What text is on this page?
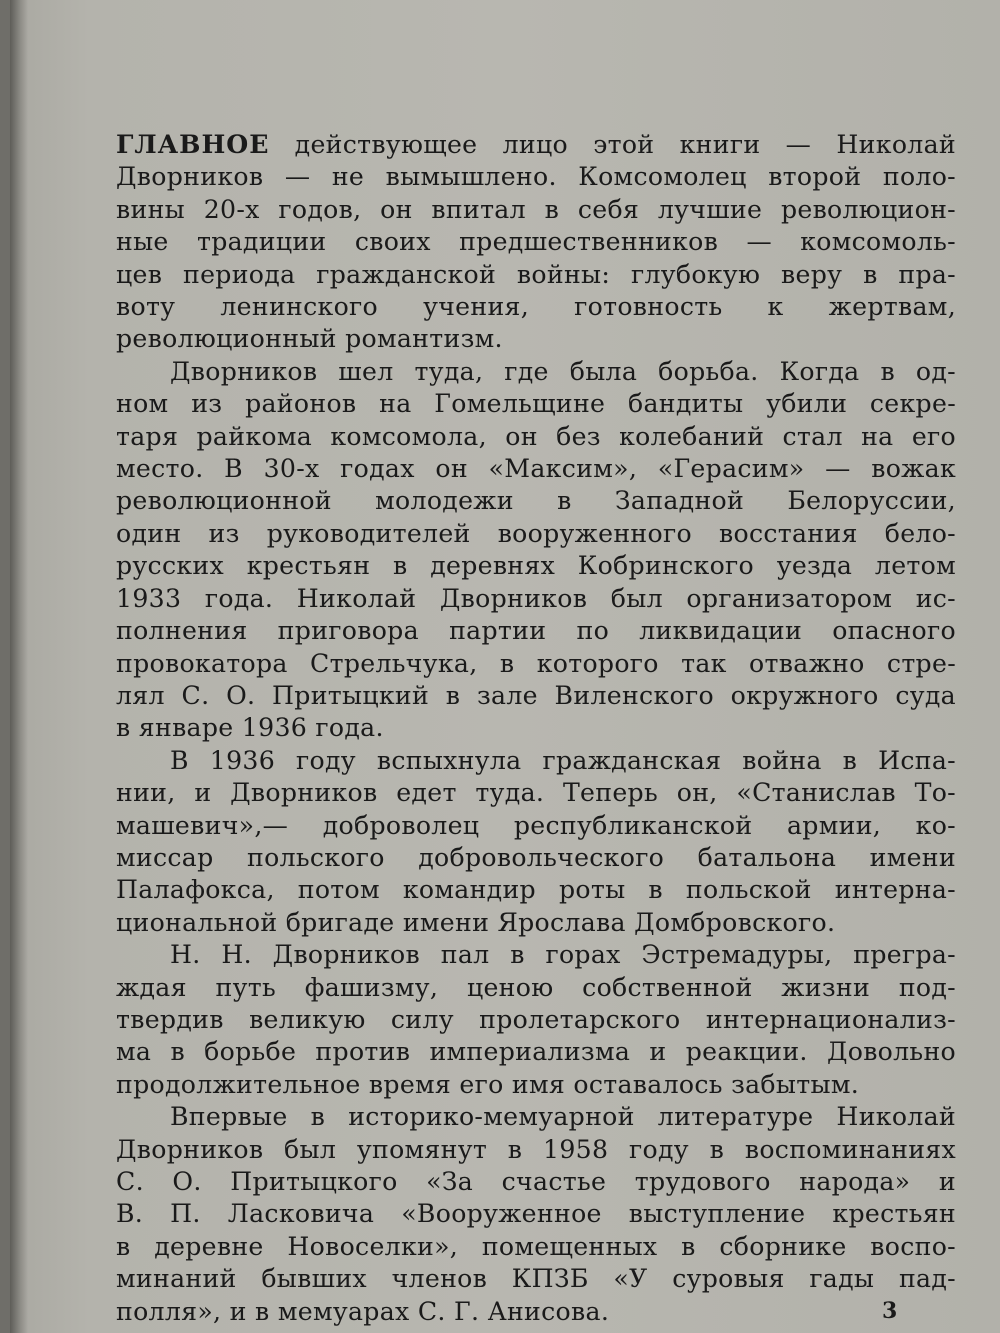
ГЛАВНОЕ действующее лицо этой книги — Николай
Дворников — не вымышлено. Комсомолец второй поло-
вины 20-х годов, он впитал в себя лучшие революцион-
ные традиции своих предшественников — комсомоль-
цев периода гражданской войны: глубокую веру в пра-
воту ленинского учения, готовность к жертвам,
революционный романтизм.

Дворников шел туда, где была борьба. Когда в од-
ном из районов на Гомельщине бандиты убили секре-
таря райкома комсомола, он без колебаний стал на его
место. В 30-х годах он «Максим», «Герасим» — вожак
революционной молодежи в Западной Белоруссии,
один из руководителей вооруженного восстания бело-
русских крестьян в деревнях Кобринского уезда летом
1933 года. Николай Дворников был организатором ис-
полнения приговора партии по ликвидации опасного
провокатора Стрельчука, в которого так отважно стре-
лял С. О. Притыцкий в зале Виленского окружного суда
в январе 1936 года.

В 1936 году вспыхнула гражданская война в Испа-
нии, и Дворников едет туда. Теперь он, «Станислав То-
машевич»,— доброволец республиканской армии, ко-
миссар польского добровольческого батальона имени
Палафокса, потом командир роты в польской интерна-
циональной бригаде имени Ярослава Домбровского.

Н. Н. Дворников пал в горах Эстремадуры, прегра-
ждая путь фашизму, ценою собственной жизни под-
твердив великую силу пролетарского интернационализ-
ма в борьбе против империализма и реакции. Довольно
продолжительное время его имя оставалось забытым.

Впервые в историко-мемуарной литературе Николай
Дворников был упомянут в 1958 году в воспоминаниях
С. О. Притыцкого «За счастье трудового народа» и
В. П. Ласковича «Вооруженное выступление крестьян
в деревне Новоселки», помещенных в сборнике воспо-
минаний бывших членов КПЗБ «У суровыя гады пад-
полля», и в мемуарах С. Г. Анисова.	3
